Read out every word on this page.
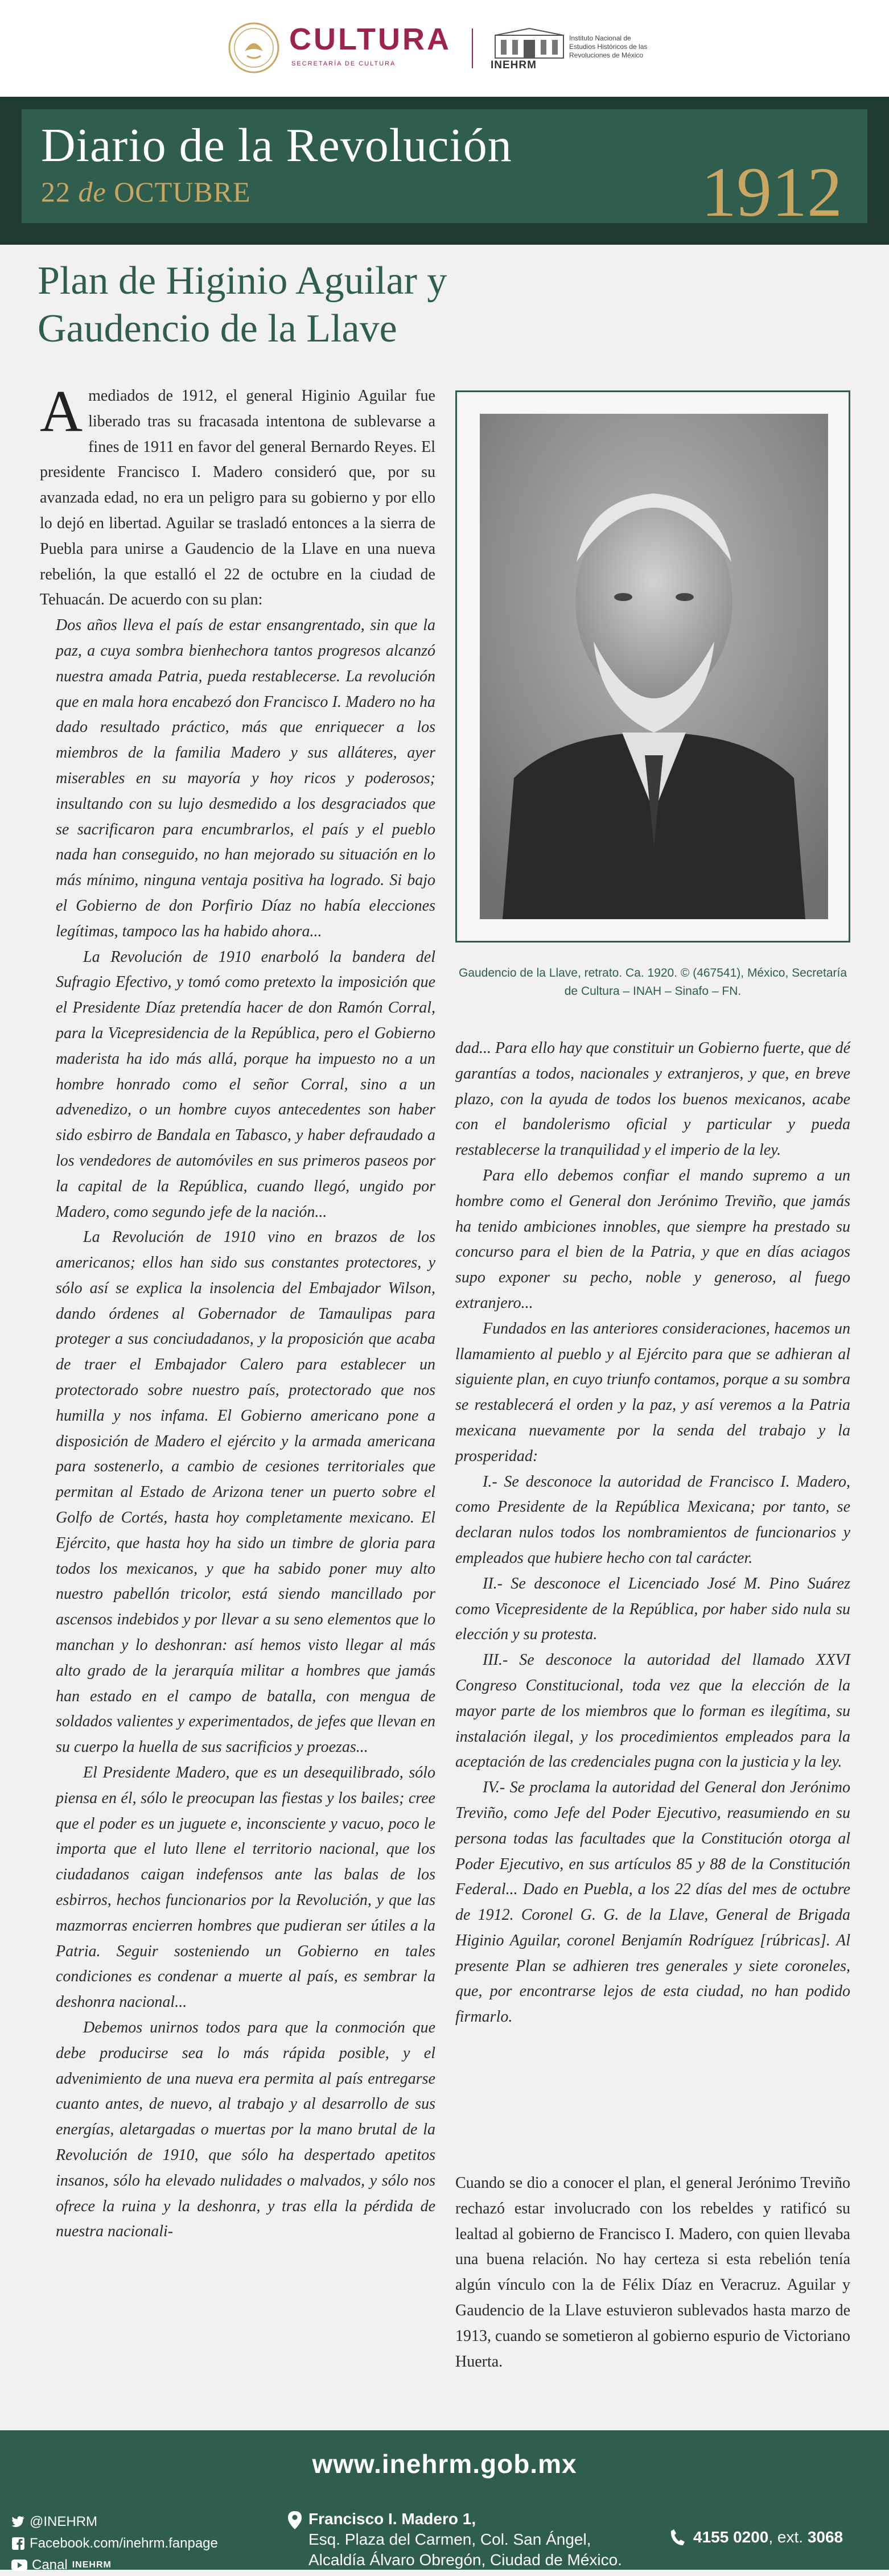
CULTURA
SECRETARÍA DE CULTURA	INEHRM
Instituto Nacional de
Estudios Históricos de las
Revoluciones de México
Diario de la Revolución
22 de OCTUBRE	1912
Plan de Higinio Aguilar y
Gaudencio de la Llave

Amediados de 1912, el general Higinio Aguilar fue liberado tras su fracasada intentona de sublevarse a fines de 1911 en favor del general Bernardo Reyes. El presidente Francisco I. Madero consideró que, por su avanzada edad, no era un peligro para su gobierno y por ello lo dejó en libertad. Aguilar se trasladó entonces a la sierra de Puebla para unirse a Gaudencio de la Llave en una nueva rebelión, la que estalló el 22 de octubre en la ciudad de Tehuacán. De acuerdo con su plan:

Dos años lleva el país de estar ensangrentado, sin que la paz, a cuya sombra bienhechora tantos progresos alcanzó nuestra amada Patria, pueda restablecerse. La revolución que en mala hora encabezó don Francisco I. Madero no ha dado resultado práctico, más que enriquecer a los miembros de la familia Madero y sus alláteres, ayer miserables en su mayoría y hoy ricos y poderosos; insultando con su lujo desmedido a los desgraciados que se sacrificaron para encumbrarlos, el país y el pueblo nada han conseguido, no han mejorado su situación en lo más mínimo, ninguna ventaja positiva ha logrado. Si bajo el Gobierno de don Porfirio Díaz no había elecciones legítimas, tampoco las ha habido ahora...

La Revolución de 1910 enarboló la bandera del Sufragio Efectivo, y tomó como pretexto la imposición que el Presidente Díaz pretendía hacer de don Ramón Corral, para la Vicepresidencia de la República, pero el Gobierno maderista ha ido más allá, porque ha impuesto no a un hombre honrado como el señor Corral, sino a un advenedizo, o un hombre cuyos antecedentes son haber sido esbirro de Bandala en Tabasco, y haber defraudado a los vendedores de automóviles en sus primeros paseos por la capital de la República, cuando llegó, ungido por Madero, como segundo jefe de la nación...

La Revolución de 1910 vino en brazos de los americanos; ellos han sido sus constantes protectores, y sólo así se explica la insolencia del Embajador Wilson, dando órdenes al Gobernador de Tamaulipas para proteger a sus conciudadanos, y la proposición que acaba de traer el Embajador Calero para establecer un protectorado sobre nuestro país, protectorado que nos humilla y nos infama. El Gobierno americano pone a disposición de Madero el ejército y la armada americana para sostenerlo, a cambio de cesiones territoriales que permitan al Estado de Arizona tener un puerto sobre el Golfo de Cortés, hasta hoy completamente mexicano. El Ejército, que hasta hoy ha sido un timbre de gloria para todos los mexicanos, y que ha sabido poner muy alto nuestro pabellón tricolor, está siendo mancillado por ascensos indebidos y por llevar a su seno elementos que lo manchan y lo deshonran: así hemos visto llegar al más alto grado de la jerarquía militar a hombres que jamás han estado en el campo de batalla, con mengua de soldados valientes y experimentados, de jefes que llevan en su cuerpo la huella de sus sacrificios y proezas...

El Presidente Madero, que es un desequilibrado, sólo piensa en él, sólo le preocupan las fiestas y los bailes; cree que el poder es un juguete e, inconsciente y vacuo, poco le importa que el luto llene el territorio nacional, que los ciudadanos caigan indefensos ante las balas de los esbirros, hechos funcionarios por la Revolución, y que las mazmorras encierren hombres que pudieran ser útiles a la Patria. Seguir sosteniendo un Gobierno en tales condiciones es condenar a muerte al país, es sembrar la deshonra nacional...

Debemos unirnos todos para que la conmoción que debe producirse sea lo más rápida posible, y el advenimiento de una nueva era permita al país entregarse cuanto antes, de nuevo, al trabajo y al desarrollo de sus energías, aletargadas o muertas por la mano brutal de la Revolución de 1910, que sólo ha despertado apetitos insanos, sólo ha elevado nulidades o malvados, y sólo nos ofrece la ruina y la deshonra, y tras ella la pérdida de nuestra nacionali-

Gaudencio de la Llave, retrato. Ca. 1920. © (467541), México, Secretaría de Cultura – INAH – Sinafo – FN.

dad... Para ello hay que constituir un Gobierno fuerte, que dé garantías a todos, nacionales y extranjeros, y que, en breve plazo, con la ayuda de todos los buenos mexicanos, acabe con el bandolerismo oficial y particular y pueda restablecerse la tranquilidad y el imperio de la ley.

Para ello debemos confiar el mando supremo a un hombre como el General don Jerónimo Treviño, que jamás ha tenido ambiciones innobles, que siempre ha prestado su concurso para el bien de la Patria, y que en días aciagos supo exponer su pecho, noble y generoso, al fuego extranjero...

Fundados en las anteriores consideraciones, hacemos un llamamiento al pueblo y al Ejército para que se adhieran al siguiente plan, en cuyo triunfo contamos, porque a su sombra se restablecerá el orden y la paz, y así veremos a la Patria mexicana nuevamente por la senda del trabajo y la prosperidad:

I.- Se desconoce la autoridad de Francisco I. Madero, como Presidente de la República Mexicana; por tanto, se declaran nulos todos los nombramientos de funcionarios y empleados que hubiere hecho con tal carácter.

II.- Se desconoce el Licenciado José M. Pino Suárez como Vicepresidente de la República, por haber sido nula su elección y su protesta.

III.- Se desconoce la autoridad del llamado XXVI Congreso Constitucional, toda vez que la elección de la mayor parte de los miembros que lo forman es ilegítima, su instalación ilegal, y los procedimientos empleados para la aceptación de las credenciales pugna con la justicia y la ley.

IV.- Se proclama la autoridad del General don Jerónimo Treviño, como Jefe del Poder Ejecutivo, reasumiendo en su persona todas las facultades que la Constitución otorga al Poder Ejecutivo, en sus artículos 85 y 88 de la Constitución Federal... Dado en Puebla, a los 22 días del mes de octubre de 1912. Coronel G. G. de la Llave, General de Brigada Higinio Aguilar, coronel Benjamín Rodríguez [rúbricas]. Al presente Plan se adhieren tres generales y siete coroneles, que, por encontrarse lejos de esta ciudad, no han podido firmarlo.

Cuando se dio a conocer el plan, el general Jerónimo Treviño rechazó estar involucrado con los rebeldes y ratificó su lealtad al gobierno de Francisco I. Madero, con quien llevaba una buena relación. No hay certeza si esta rebelión tenía algún vínculo con la de Félix Díaz en Veracruz. Aguilar y Gaudencio de la Llave estuvieron sublevados hasta marzo de 1913, cuando se sometieron al gobierno espurio de Victoriano Huerta.

www.inehrm.gob.mx
@INEHRM
Facebook.com/inehrm.fanpage
Canal INEHRM
Francisco I. Madero 1,
Esq. Plaza del Carmen, Col. San Ángel,
Alcaldía Álvaro Obregón, Ciudad de México.
4155 0200, ext. 3068
